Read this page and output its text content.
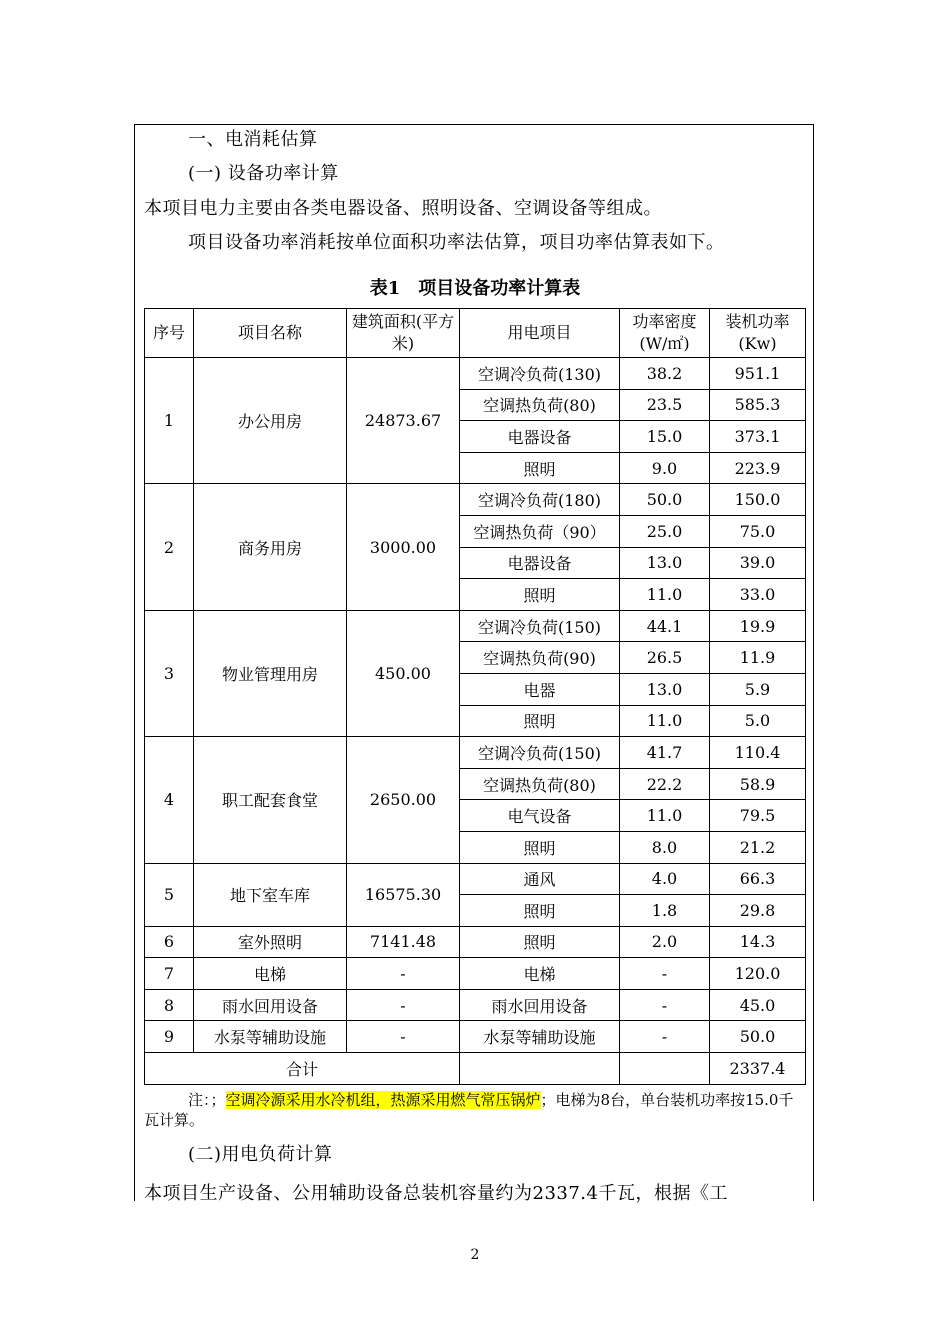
一、电消耗估算
(一) 设备功率计算
本项目电力主要由各类电器设备、照明设备、空调设备等组成。
项目设备功率消耗按单位面积功率法估算，项目功率估算表如下。
表1　项目设备功率计算表
序号	项目名称	建筑面积(平方米)	用电项目	功率密度(W/㎡)	装机功率(Kw)
1	办公用房	24873.67	空调冷负荷(130)	38.2	951.1
			空调热负荷(80)	23.5	585.3
			电器设备	15.0	373.1
			照明	9.0	223.9
2	商务用房	3000.00	空调冷负荷(180)	50.0	150.0
			空调热负荷（90）	25.0	75.0
			电器设备	13.0	39.0
			照明	11.0	33.0
3	物业管理用房	450.00	空调冷负荷(150)	44.1	19.9
			空调热负荷(90)	26.5	11.9
			电器	13.0	5.9
			照明	11.0	5.0
4	职工配套食堂	2650.00	空调冷负荷(150)	41.7	110.4
			空调热负荷(80)	22.2	58.9
			电气设备	11.0	79.5
			照明	8.0	21.2
5	地下室车库	16575.30	通风	4.0	66.3
			照明	1.8	29.8
6	室外照明	7141.48	照明	2.0	14.3
7	电梯	-	电梯	-	120.0
8	雨水回用设备	-	雨水回用设备	-	45.0
9	水泵等辅助设施	-	水泵等辅助设施	-	50.0
合计					2337.4
注：；空调冷源采用水冷机组，热源采用燃气常压锅炉；电梯为8台，单台装机功率按15.0千瓦计算。
(二)用电负荷计算
本项目生产设备、公用辅助设备总装机容量约为2337.4千瓦，根据《工
2
